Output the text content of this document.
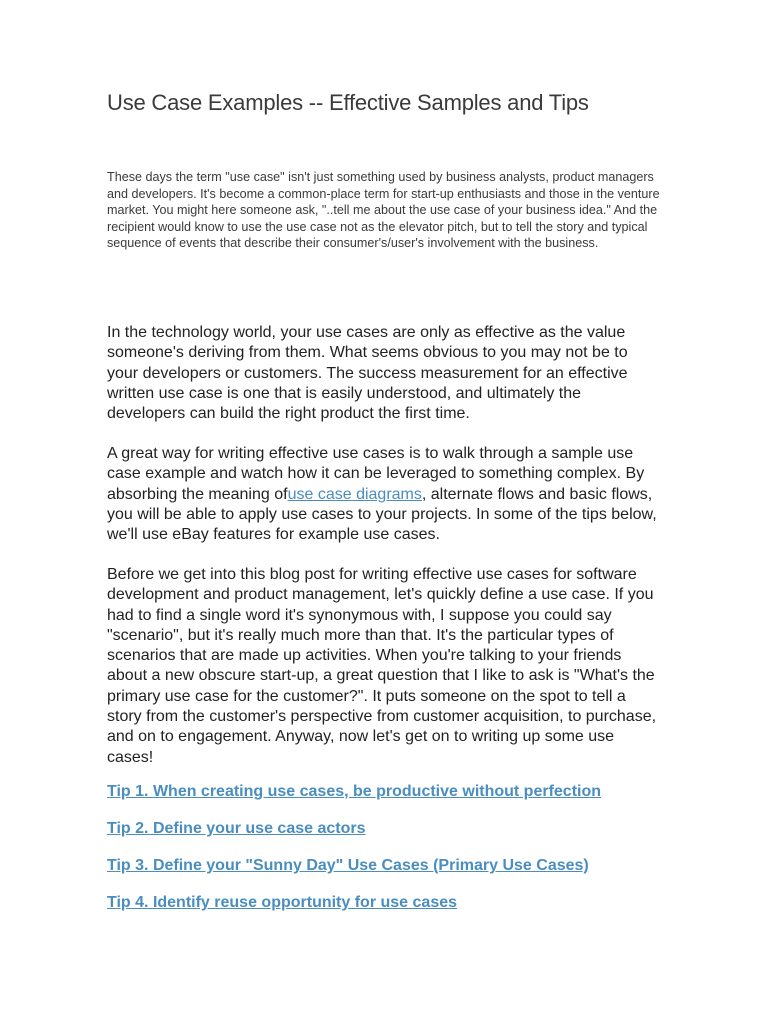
Use Case Examples -- Effective Samples and Tips

These days the term "use case" isn't just something used by business analysts, product managers and developers. It's become a common-place term for start-up enthusiasts and those in the venture market. You might here someone ask, "..tell me about the use case of your business idea." And the recipient would know to use the use case not as the elevator pitch, but to tell the story and typical sequence of events that describe their consumer's/user's involvement with the business.

In the technology world, your use cases are only as effective as the value someone's deriving from them. What seems obvious to you may not be to your developers or customers. The success measurement for an effective written use case is one that is easily understood, and ultimately the developers can build the right product the first time.

A great way for writing effective use cases is to walk through a sample use case example and watch how it can be leveraged to something complex. By absorbing the meaning ofuse case diagrams, alternate flows and basic flows, you will be able to apply use cases to your projects. In some of the tips below, we'll use eBay features for example use cases.

Before we get into this blog post for writing effective use cases for software development and product management, let's quickly define a use case. If you had to find a single word it's synonymous with, I suppose you could say "scenario", but it's really much more than that. It's the particular types of scenarios that are made up activities. When you're talking to your friends about a new obscure start-up, a great question that I like to ask is "What's the primary use case for the customer?". It puts someone on the spot to tell a story from the customer's perspective from customer acquisition, to purchase, and on to engagement. Anyway, now let's get on to writing up some use cases!

Tip 1. When creating use cases, be productive without perfection
Tip 2. Define your use case actors
Tip 3. Define your "Sunny Day" Use Cases (Primary Use Cases)
Tip 4. Identify reuse opportunity for use cases
